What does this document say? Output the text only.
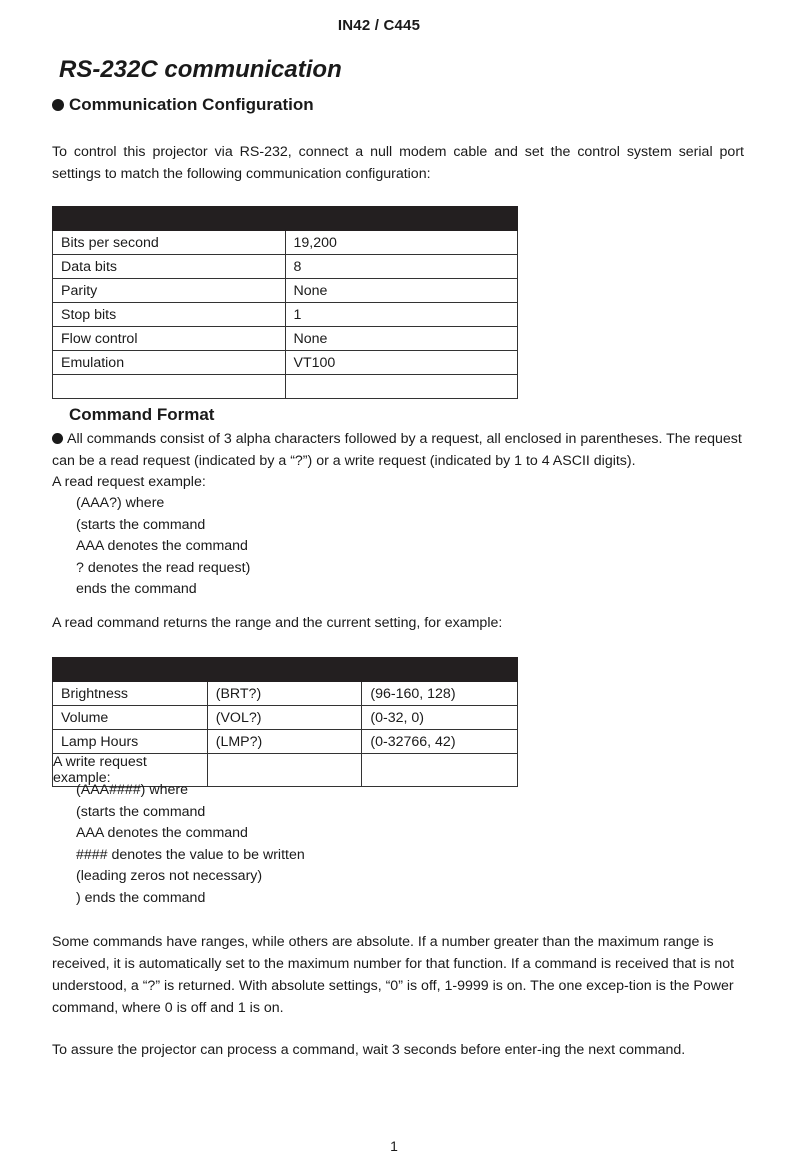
IN42 / C445
RS-232C communication
Communication Configuration
To control this projector via RS-232, connect a null modem cable and set the control system serial port settings to match the following communication configuration:

Bits per second	19,200
Data bits	8
Parity	None
Stop bits	1
Flow control	None
Emulation	VT100

Command Format
All commands consist of 3 alpha characters followed by a request, all enclosed in parentheses. The request can be a read request (indicated by a “?”) or a write request (indicated by 1 to 4 ASCII digits).
A read request example:
(AAA?) where
(starts the command
AAA denotes the command
? denotes the read request)
ends the command
A read command returns the range and the current setting, for example:

Brightness	(BRT?)	(96-160, 128)
Volume	(VOL?)	(0-32, 0)
Lamp Hours	(LMP?)	(0-32766, 42)
A write request example:		
(AAA####) where
(starts the command
AAA denotes the command
#### denotes the value to be written
(leading zeros not necessary)
) ends the command
Some commands have ranges, while others are absolute. If a number greater than the maximum range is received, it is automatically set to the maximum number for that function. If a command is received that is not understood, a “?” is returned. With absolute settings, “0” is off, 1-9999 is on. The one excep-tion is the Power command, where 0 is off and 1 is on.
To assure the projector can process a command, wait 3 seconds before enter-ing the next command.
1
